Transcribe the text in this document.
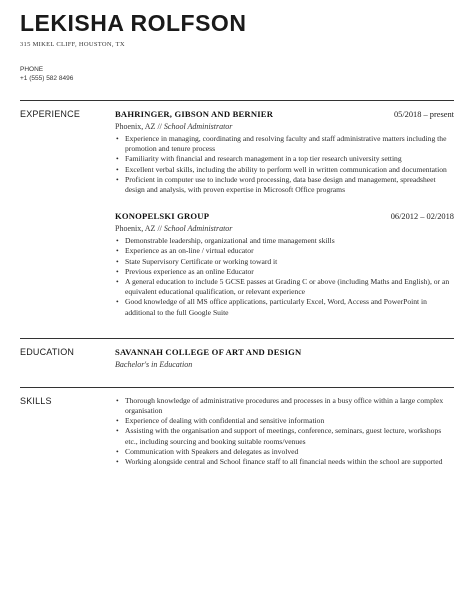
LEKISHA ROLFSON
315 MIKEL CLIFF, HOUSTON, TX
PHONE
+1 (555) 582 8496
EXPERIENCE	BAHRINGER, GIBSON AND BERNIER	05/2018 – present
Phoenix, AZ // School Administrator
• Experience in managing, coordinating and resolving faculty and staff administrative matters including the promotion and tenure process
• Familiarity with financial and research management in a top tier research university setting
• Excellent verbal skills, including the ability to perform well in written communication and documentation
• Proficient in computer use to include word processing, data base design and management, spreadsheet design and analysis, with proven expertise in Microsoft Office programs
KONOPELSKI GROUP	06/2012 – 02/2018
Phoenix, AZ // School Administrator
• Demonstrable leadership, organizational and time management skills
• Experience as an on-line / virtual educator
• State Supervisory Certificate or working toward it
• Previous experience as an online Educator
• A general education to include 5 GCSE passes at Grading C or above (including Maths and English), or an equivalent educational qualification, or relevant experience
• Good knowledge of all MS office applications, particularly Excel, Word, Access and PowerPoint in additional to the full Google Suite
EDUCATION	SAVANNAH COLLEGE OF ART AND DESIGN
Bachelor's in Education
SKILLS
•	Thorough knowledge of administrative procedures and processes in a busy office within a large complex organisation
• Experience of dealing with confidential and sensitive information
• Assisting with the organisation and support of meetings, conference, seminars, guest lecture, workshops etc., including sourcing and booking suitable rooms/venues
• Communication with Speakers and delegates as involved
• Working alongside central and School finance staff to all financial needs within the school are supported
